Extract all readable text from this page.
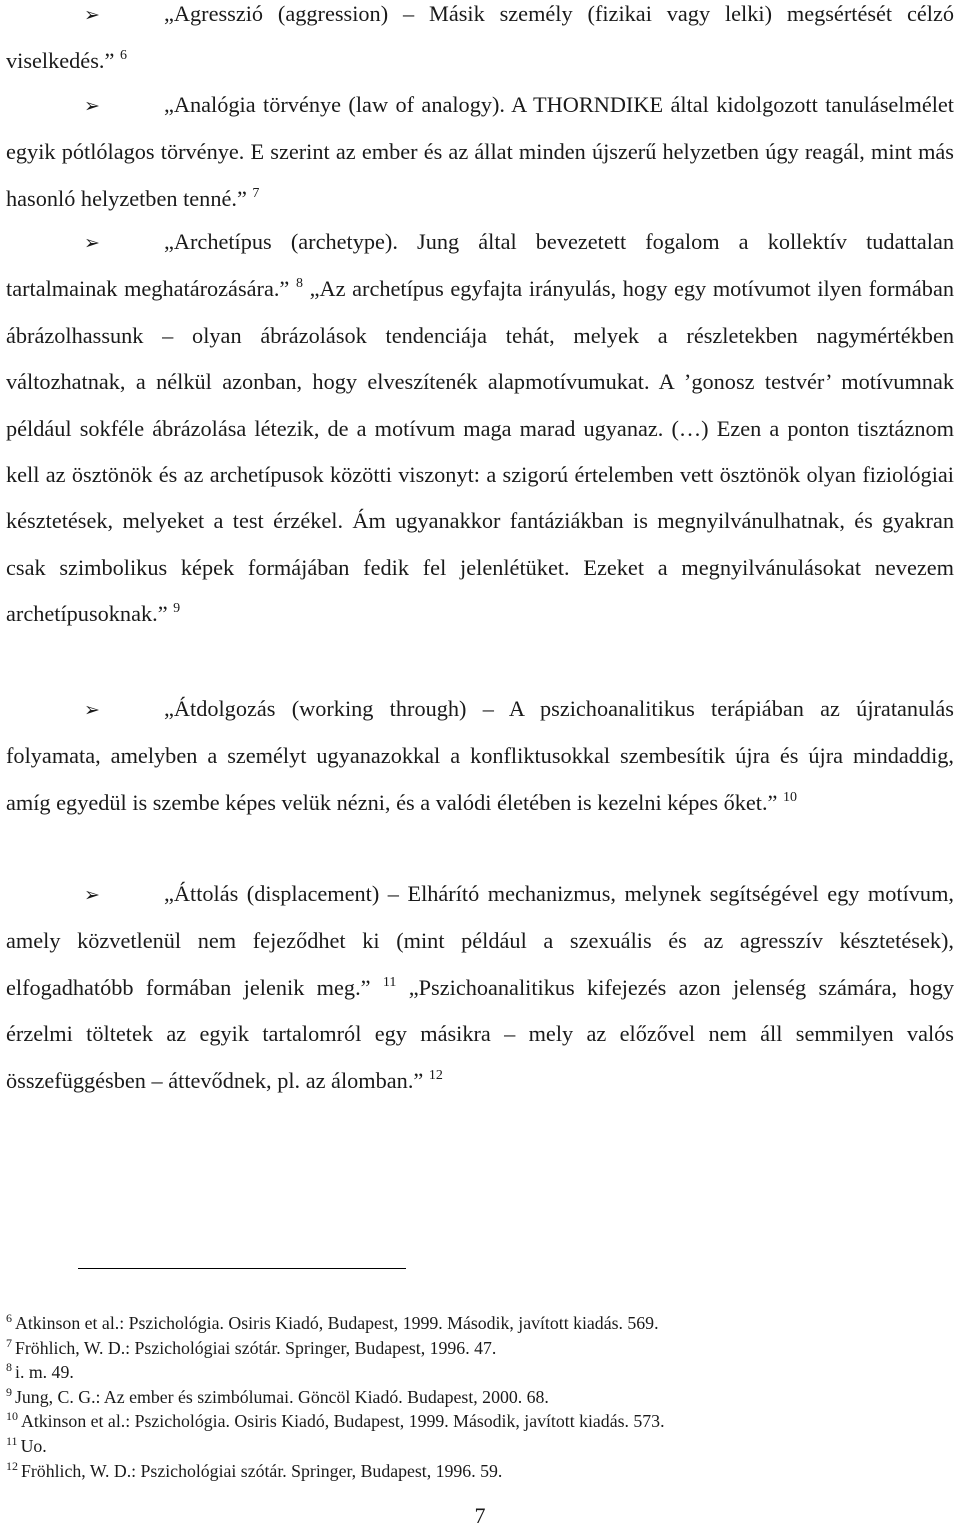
➢	„Agresszió (aggression) – Másik személy (fizikai vagy lelki) megsértését célzó viselkedés.” $^6$

➢	„Analógia törvénye (law of analogy). A THORNDIKE által kidolgozott tanuláselmélet egyik pótlólagos törvénye. E szerint az ember és az állat minden újszerű helyzetben úgy reagál, mint más hasonló helyzetben tenné.” $^7$

➢	„Archetípus (archetype). Jung által bevezetett fogalom a kollektív tudattalan tartalmainak meghatározására.” $^8$ „Az archetípus egyfajta irányulás, hogy egy motívumot ilyen formában ábrázolhassunk – olyan ábrázolások tendenciája tehát, melyek a részletekben nagymértékben változhatnak, a nélkül azonban, hogy elveszítenék alapmotívumukat. A ’gonosz testvér’ motívumnak például sokféle ábrázolása létezik, de a motívum maga marad ugyanaz. (…) Ezen a ponton tisztáznom kell az ösztönök és az archetípusok közötti viszonyt: a szigorú értelemben vett ösztönök olyan fiziológiai késztetések, melyeket a test érzékel. Ám ugyanakkor fantáziákban is megnyilvánulhatnak, és gyakran csak szimbolikus képek formájában fedik fel jelenlétüket. Ezeket a megnyilvánulásokat nevezem archetípusoknak.” $^9$

➢	„Átdolgozás (working through) – A pszichoanalitikus terápiában az újratanulás folyamata, amelyben a személyt ugyanazokkal a konfliktusokkal szembesítik újra és újra mindaddig, amíg egyedül is szembe képes velük nézni, és a valódi életében is kezelni képes őket.” $^{10}$

➢	„Áttolás (displacement) – Elhárító mechanizmus, melynek segítségével egy motívum, amely közvetlenül nem fejeződhet ki (mint például a szexuális és az agresszív késztetések), elfogadhatóbb formában jelenik meg.” $^{11}$ „Pszichoanalitikus kifejezés azon jelenség számára, hogy érzelmi töltetek az egyik tartalomról egy másikra – mely az előzővel nem áll semmilyen valós összefüggésben – áttevődnek, pl. az álomban.” $^{12}$

$^6$ Atkinson et al.: Pszichológia. Osiris Kiadó, Budapest, 1999. Második, javított kiadás. 569.
$^7$ Fröhlich, W. D.: Pszichológiai szótár. Springer, Budapest, 1996. 47.
$^8$ i. m. 49.
$^9$ Jung, C. G.: Az ember és szimbólumai. Göncöl Kiadó. Budapest, 2000. 68.
$^{10}$ Atkinson et al.: Pszichológia. Osiris Kiadó, Budapest, 1999. Második, javított kiadás. 573.
$^{11}$ Uo.
$^{12}$ Fröhlich, W. D.: Pszichológiai szótár. Springer, Budapest, 1996. 59.
7
